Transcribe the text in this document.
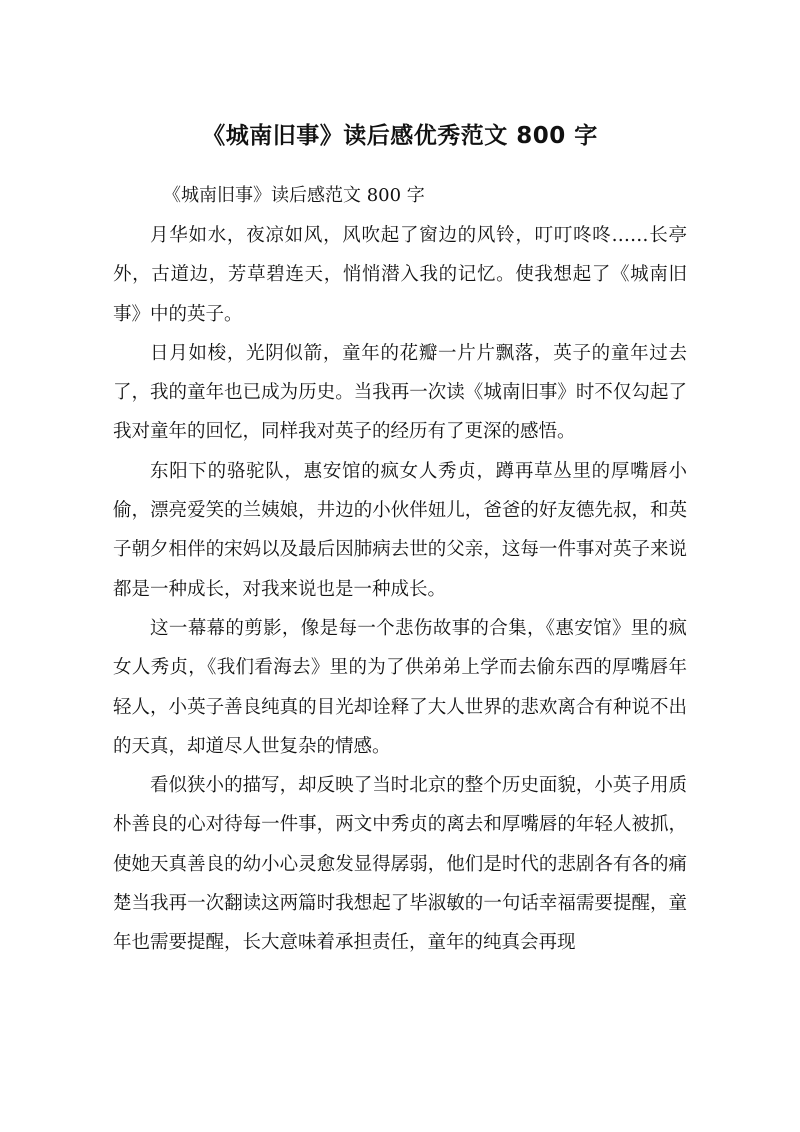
《城南旧事》读后感优秀范文 800 字
《城南旧事》读后感范文 800 字

月华如水，夜凉如风，风吹起了窗边的风铃，叮叮咚咚……长亭外，古道边，芳草碧连天，悄悄潜入我的记忆。使我想起了《城南旧事》中的英子。

日月如梭，光阴似箭，童年的花瓣一片片飘落，英子的童年过去了，我的童年也已成为历史。当我再一次读《城南旧事》时不仅勾起了我对童年的回忆，同样我对英子的经历有了更深的感悟。

东阳下的骆驼队，惠安馆的疯女人秀贞，蹲再草丛里的厚嘴唇小偷，漂亮爱笑的兰姨娘，井边的小伙伴妞儿，爸爸的好友德先叔，和英子朝夕相伴的宋妈以及最后因肺病去世的父亲，这每一件事对英子来说都是一种成长，对我来说也是一种成长。

这一幕幕的剪影，像是每一个悲伤故事的合集，《惠安馆》里的疯女人秀贞，《我们看海去》里的为了供弟弟上学而去偷东西的厚嘴唇年轻人，小英子善良纯真的目光却诠释了大人世界的悲欢离合有种说不出的天真，却道尽人世复杂的情感。

看似狭小的描写，却反映了当时北京的整个历史面貌，小英子用质朴善良的心对待每一件事，两文中秀贞的离去和厚嘴唇的年轻人被抓，使她天真善良的幼小心灵愈发显得孱弱，他们是时代的悲剧各有各的痛楚当我再一次翻读这两篇时我想起了毕淑敏的一句话幸福需要提醒，童年也需要提醒，长大意味着承担责任，童年的纯真会再现
